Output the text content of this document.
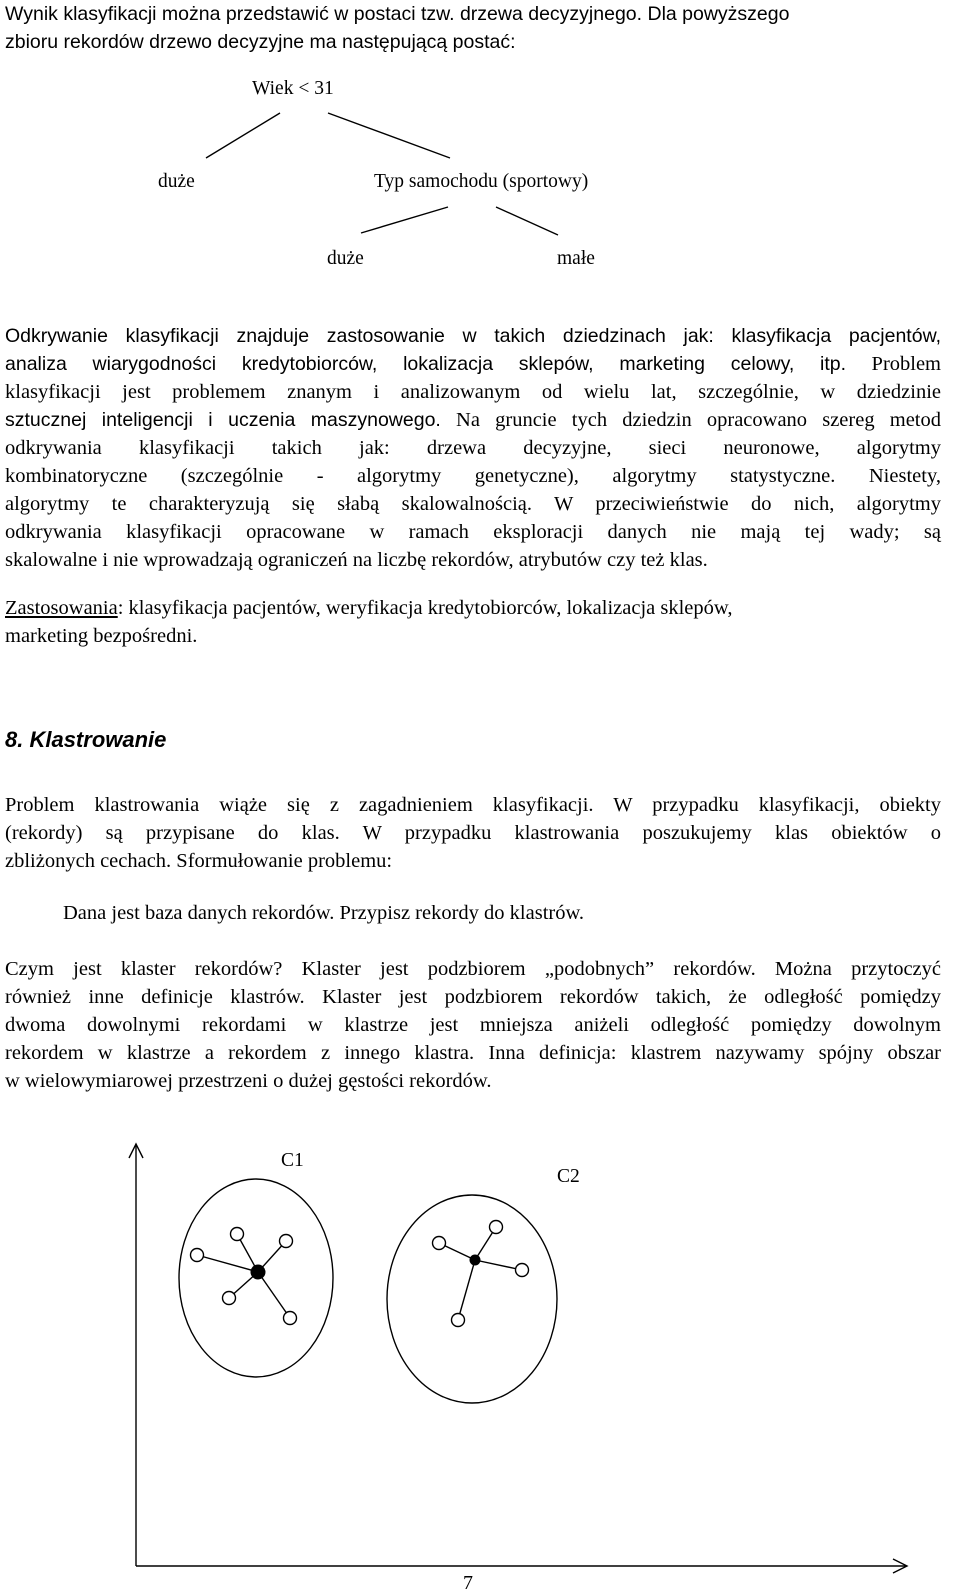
Wynik klasyfikacji można przedstawić w postaci tzw. drzewa decyzyjnego. Dla powyższego
zbioru rekordów drzewo decyzyjne ma następującą postać:
Wiek < 31
duże	Typ samochodu (sportowy)
duże	małe
Odkrywanie klasyfikacji znajduje zastosowanie w takich dziedzinach jak: klasyfikacja pacjentów,
analiza wiarygodności kredytobiorców, lokalizacja sklepów, marketing celowy, itp. Problem
klasyfikacji jest problemem znanym i analizowanym od wielu lat, szczególnie, w dziedzinie
sztucznej inteligencji i uczenia maszynowego. Na gruncie tych dziedzin opracowano szereg metod
odkrywania klasyfikacji takich jak: drzewa decyzyjne, sieci neuronowe, algorytmy
kombinatoryczne (szczególnie - algorytmy genetyczne), algorytmy statystyczne. Niestety,
algorytmy te charakteryzują się słabą skalowalnością. W przeciwieństwie do nich, algorytmy
odkrywania klasyfikacji opracowane w ramach eksploracji danych nie mają tej wady; są
skalowalne i nie wprowadzają ograniczeń na liczbę rekordów, atrybutów czy też klas.
Zastosowania: klasyfikacja pacjentów, weryfikacja kredytobiorców, lokalizacja sklepów,
marketing bezpośredni.
8. Klastrowanie
Problem klastrowania wiąże się z zagadnieniem klasyfikacji. W przypadku klasyfikacji, obiekty
(rekordy) są przypisane do klas. W przypadku klastrowania poszukujemy klas obiektów o
zbliżonych cechach. Sformułowanie problemu:
Dana jest baza danych rekordów. Przypisz rekordy do klastrów.
Czym jest klaster rekordów? Klaster jest podzbiorem „podobnych” rekordów. Można przytoczyć
również inne definicje klastrów. Klaster jest podzbiorem rekordów takich, że odległość pomiędzy
dwoma dowolnymi rekordami w klastrze jest mniejsza aniżeli odległość pomiędzy dowolnym
rekordem w klastrze a rekordem z innego klastra. Inna definicja: klastrem nazywamy spójny obszar
w wielowymiarowej przestrzeni o dużej gęstości rekordów.
C1
C2
7
